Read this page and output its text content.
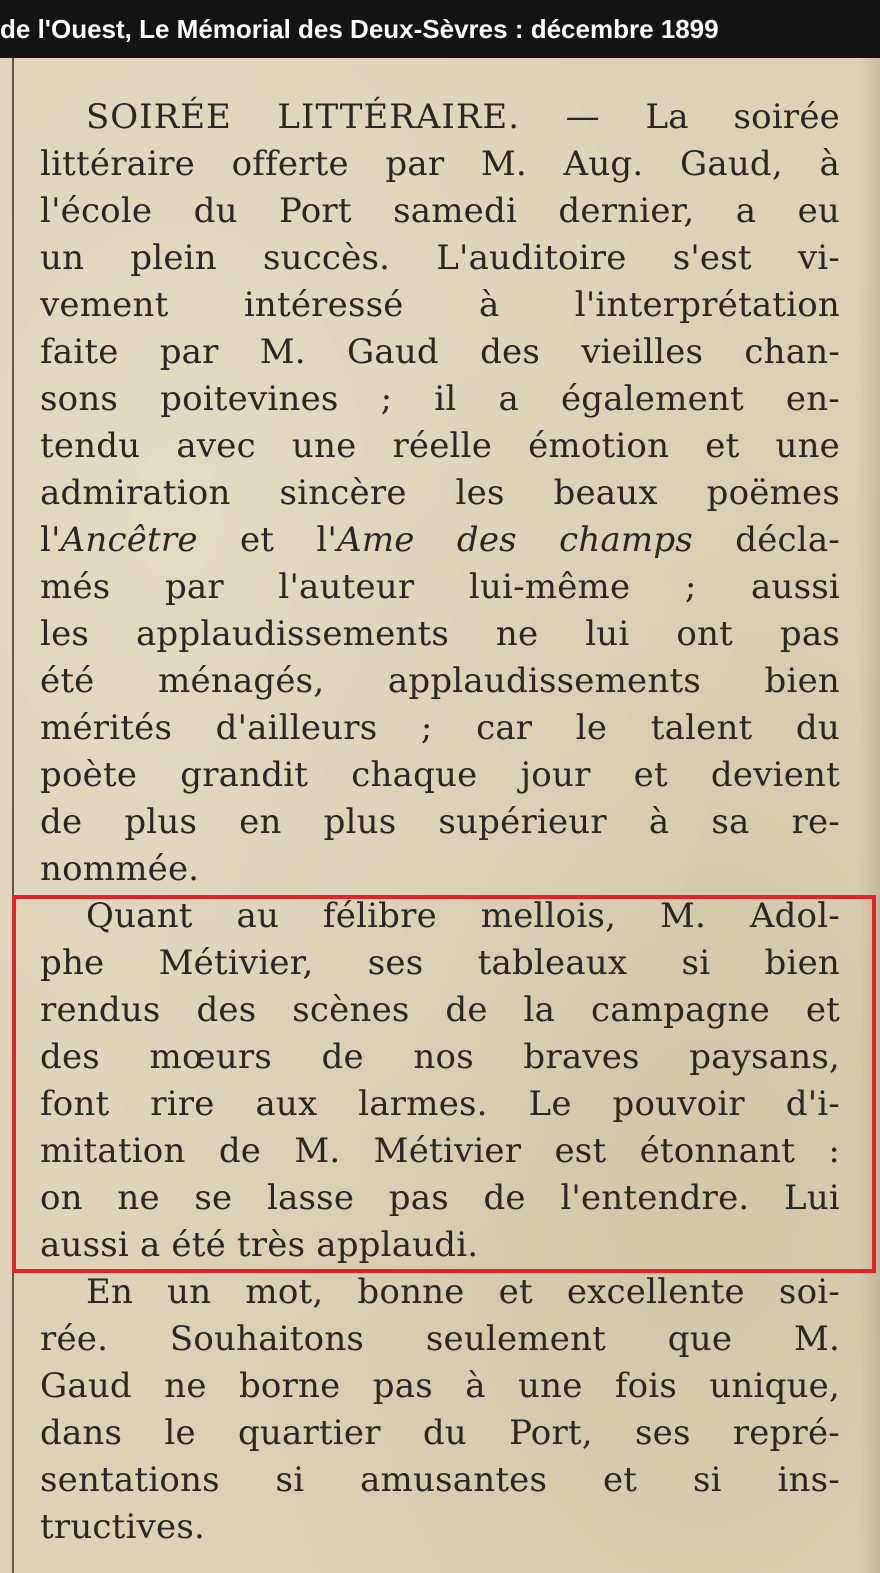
de l'Ouest, Le Mémorial des Deux-Sèvres : décembre 1899
SOIRÉE LITTÉRAIRE. — La soirée
littéraire offerte par M. Aug. Gaud, à
l'école du Port samedi dernier, a eu
un plein succès. L'auditoire s'est vi-
vement intéressé à l'interprétation
faite par M. Gaud des vieilles chan-
sons poitevines ; il a également en-
tendu avec une réelle émotion et une
admiration sincère les beaux poëmes
l'Ancêtre et l'Ame des champs décla-
més par l'auteur lui-même ; aussi
les applaudissements ne lui ont pas
été ménagés, applaudissements bien
mérités d'ailleurs ; car le talent du
poète grandit chaque jour et devient
de plus en plus supérieur à sa re-
nommée.
Quant au félibre mellois, M. Adol-
phe Métivier, ses tableaux si bien
rendus des scènes de la campagne et
des mœurs de nos braves paysans,
font rire aux larmes. Le pouvoir d'i-
mitation de M. Métivier est étonnant :
on ne se lasse pas de l'entendre. Lui
aussi a été très applaudi.
En un mot, bonne et excellente soi-
rée. Souhaitons seulement que M.
Gaud ne borne pas à une fois unique,
dans le quartier du Port, ses repré-
sentations si amusantes et si ins-
tructives.
